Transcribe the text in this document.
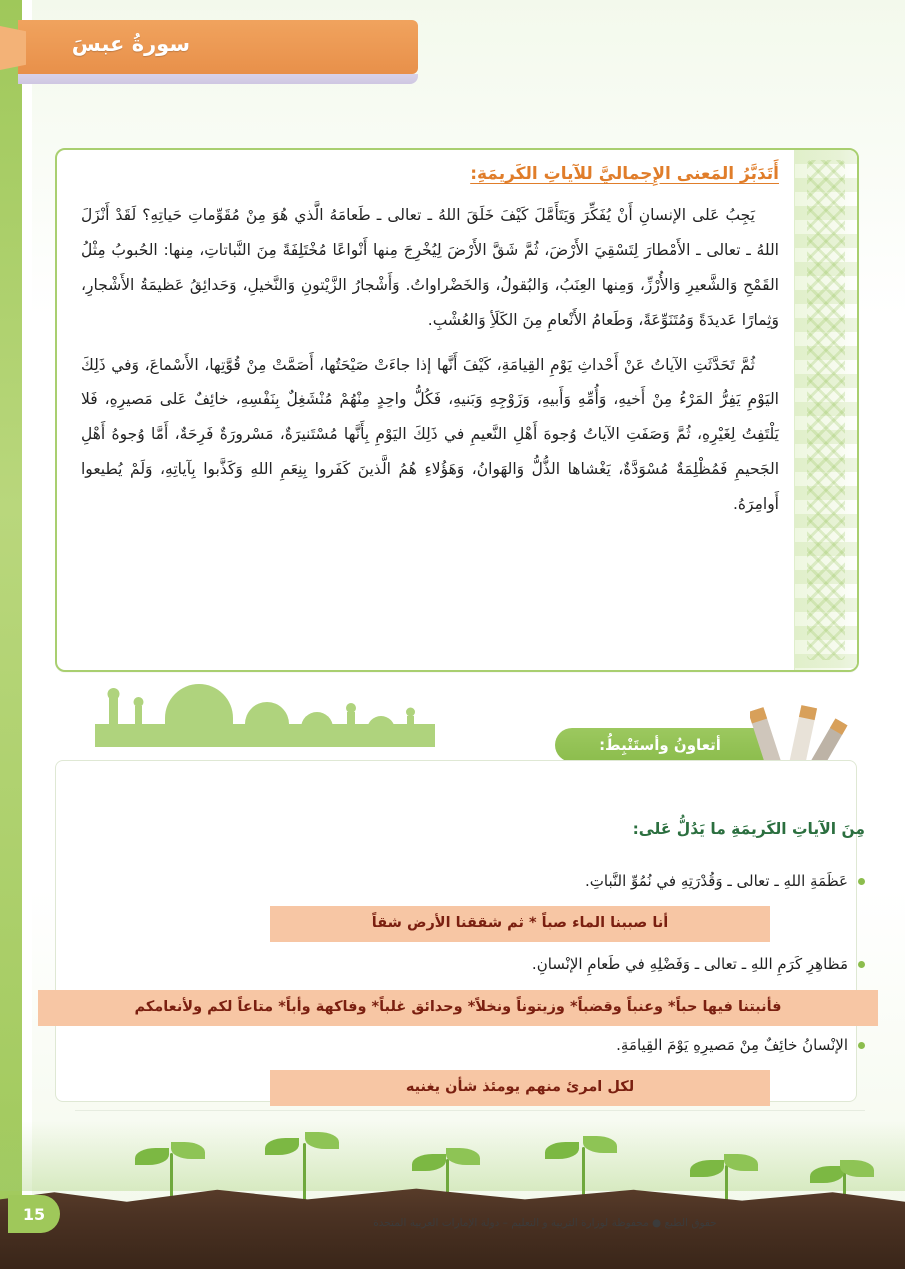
سورةُ عبسَ
أَتَدَبَّرُ المَعنى الإِجماليَّ للآياتِ الكَريمَةِ:

يَجِبُ عَلى الإنسانِ أَنْ يُفَكِّرَ وَيَتَأَمَّلَ كَيْفَ خَلَقَ اللهُ ـ تعالى ـ طَعامَهُ الَّذي هُوَ مِنْ مُقَوِّماتِ حَياتِهِ؟ لَقَدْ أَنْزَلَ اللهُ ـ تعالى ـ الأَمْطارَ لِتَسْقِيَ الأَرْضَ، ثُمَّ شَقَّ الأَرْضَ لِيُخْرِجَ مِنها أَنْواعًا مُخْتَلِفَةً مِنَ النَّباتاتِ، مِنها: الحُبوبُ مِثْلُ القَمْحِ وَالشَّعيرِ وَالأُرْزِّ، وَمِنها العِنَبُ، وَالبُقولُ، وَالخَضْراواتُ. وَأَشْجارُ الزَّيْتونِ وَالنَّخيلِ، وَحَدائِقُ عَظيمَةُ الأَشْجارِ، وَثِمارًا عَديدَةً وَمُتَنَوِّعَةً، وَطَعامُ الأَنْعامِ مِنَ الكَلَأِ وَالعُشْبِ.

ثُمَّ تَحَدَّثَتِ الآياتُ عَنْ أَحْداثِ يَوْمِ القِيامَةِ، كَيْفَ أَنَّها إذا جاءَتْ صَيْحَتُها، أَصَمَّتْ مِنْ قُوَّتِها، الأَسْماعَ، وَفي ذَلِكَ اليَوْمِ يَفِرُّ المَرْءُ مِنْ أَخيهِ، وَأُمِّهِ وَأَبيهِ، وَزَوْجِهِ وَبَنيهِ، فَكُلُّ واحِدٍ مِنْهُمْ مُنْشَغِلٌ بِنَفْسِهِ، خائِفٌ عَلى مَصيرِهِ، فَلا يَلْتَفِتُ لِغَيْرِهِ، ثُمَّ وَصَفَتِ الآياتُ وُجوهَ أَهْلِ النَّعيمِ في ذَلِكَ اليَوْمِ بِأَنَّها مُسْتَنيرَةٌ، مَسْرورَةٌ فَرِحَةٌ، أَمَّا وُجوهُ أَهْلِ الجَحيمِ فَمُظْلِمَةٌ مُسْوَدَّةٌ، يَغْشاها الذُّلُّ وَالهَوانُ، وَهَؤُلاءِ هُمُ الَّذينَ كَفَروا بِنِعَمِ اللهِ وَكَذَّبوا بِآياتِهِ، وَلَمْ يُطيعوا أَوامِرَهُ.

أتعاونُ وأستَنْبِطُ:
مِنَ الآياتِ الكَريمَةِ ما يَدُلُّ عَلى:
عَظَمَةِ اللهِ ـ تعالى ـ وَقُدْرَتِهِ في نُمُوِّ النَّباتِ.
أنا صببنا الماء صباً * ثم شققنا الأرض شقاً
مَظاهِرِ كَرَمِ اللهِ ـ تعالى ـ وَفَضْلِهِ في طَعامِ الإنْسانِ.
فأنبتنا فيها حباً* وعنباً وقضباً* وزيتوناً ونخلاً* وحدائق غلباً* وفاكهة وأباً* متاعاً لكم ولأنعامكم
الإنْسانُ خائِفٌ مِنْ مَصيرِهِ يَوْمَ القِيامَةِ.
لكل امرئ منهم يومئذ شأن يغنيه
15	حقوق الطبع ● محفوظة لوزارة التربية و التعليم – دولة الإمارات العربية المتحدة
